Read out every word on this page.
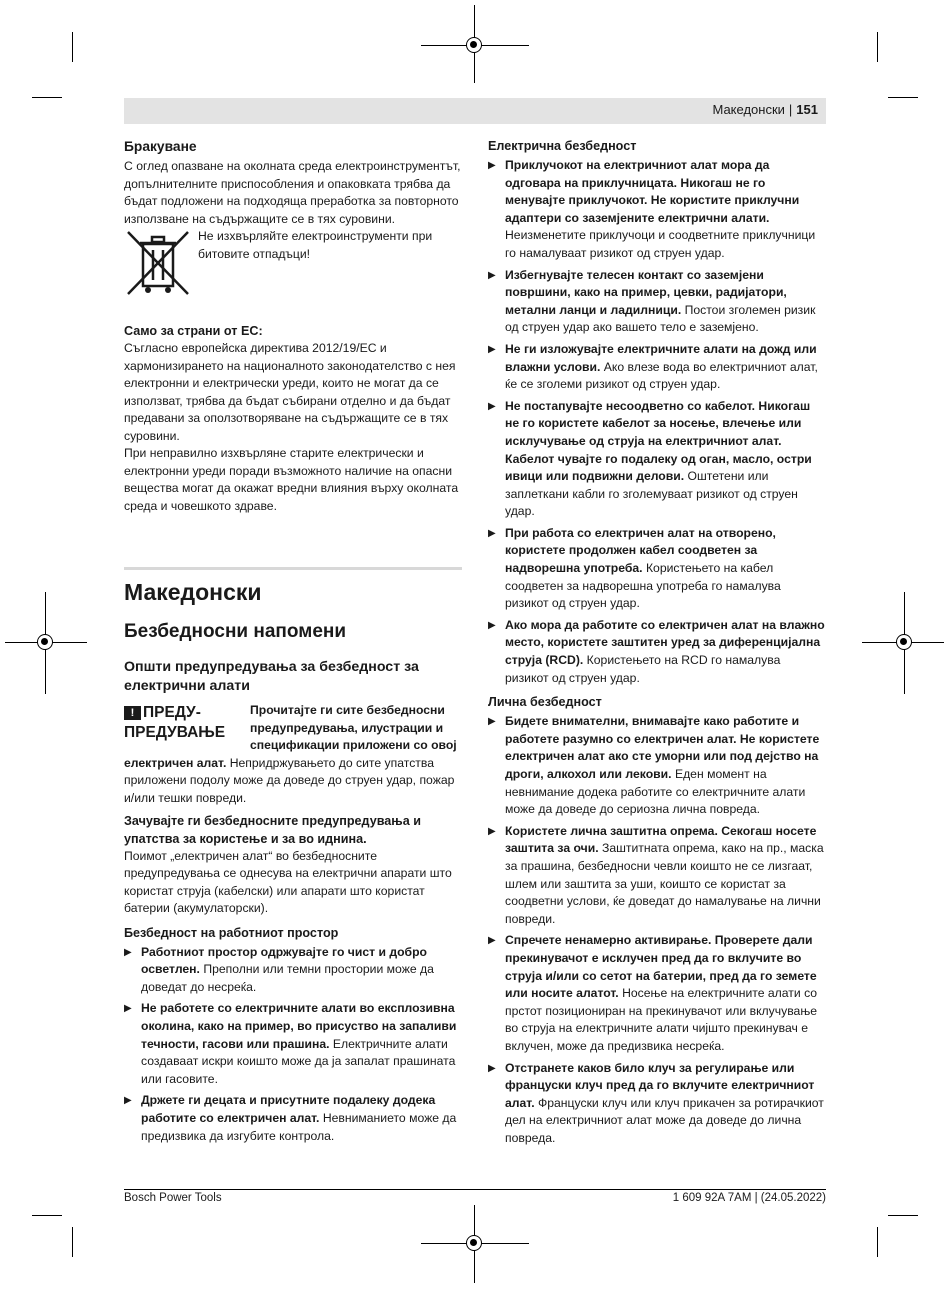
Македонски | 151
Бракуване

С оглед опазване на околната среда електроинструментът, допълнителните приспособления и опаковката трябва да бъдат подложени на подходяща преработка за повторното използване на съдържащите се в тях суровини.

Не изхвърляйте електроинструменти при битовите отпадъци!

Само за страни от ЕС:

Съгласно европейска директива 2012/19/ЕС и хармонизирането на националното законодателство с нея електронни и електрически уреди, които не могат да се използват, трябва да бъдат събирани отделно и да бъдат предавани за оползотворяване на съдържащите се в тях суровини.

При неправилно изхвърляне старите електрически и електронни уреди поради възможното наличие на опасни вещества могат да окажат вредни влияния върху околната среда и човешкото здраве.

Македонски
Безбедносни напомени
Општи предупредувања за безбедност за електрични алати
! ПРЕДУ-
ПРЕДУВАЊЕ

Прочитајте ги сите безбедносни предупредувања, илустрации и спецификации приложени со овој електричен алат. Непридржувањето до сите упатства приложени подолу може да доведе до струен удар, пожар и/или тешки повреди.

Зачувајте ги безбедносните предупредувања и упатства за користење и за во иднина.

Поимот „електричен алат“ во безбедносните предупредувања се однесува на електрични апарати што користат струја (кабелски) или апарати што користат батерии (акумулаторски).

Безбедност на работниот простор

▶ Работниот простор одржувајте го чист и добро осветлен. Преполни или темни простории може да доведат до несреќа.
▶ Не работете со електричните алати во експлозивна околина, како на пример, во присуство на запаливи течности, гасови или прашина. Електричните алати создаваат искри коишто може да ја запалат прашината или гасовите.
▶ Држете ги децата и присутните подалеку додека работите со електричен алат. Невниманието може да предизвика да изгубите контрола.

Електрична безбедност

▶ Приклучокот на електричниот алат мора да одговара на приклучницата. Никогаш не го менувајте приклучокот. Не користите приклучни адаптери со заземјените електрични алати. Неизменетите приклучоци и соодветните приклучници го намалуваат ризикот од струен удар.
▶ Избегнувајте телесен контакт со заземјени површини, како на пример, цевки, радијатори, метални ланци и ладилници. Постои зголемен ризик од струен удар ако вашето тело е заземјено.
▶ Не ги изложувајте електричните алати на дожд или влажни услови. Ако влезе вода во електричниот алат, ќе се зголеми ризикот од струен удар.
▶ Не постапувајте несоодветно со кабелот. Никогаш не го користете кабелот за носење, влечење или исклучување од струја на електричниот алат. Кабелот чувајте го подалеку од оган, масло, остри ивици или подвижни делови. Оштетени или заплеткани кабли го зголемуваат ризикот од струен удар.
▶ При работа со електричен алат на отворено, користете продолжен кабел соодветен за надворешна употреба. Користењето на кабел соодветен за надворешна употреба го намалува ризикот од струен удар.
▶ Ако мора да работите со електричен алат на влажно место, користете заштитен уред за диференцијална струја (RCD). Користењето на RCD го намалува ризикот од струен удар.

Лична безбедност

▶ Бидете внимателни, внимавајте како работите и работете разумно со електричен алат. Не користете електричен алат ако сте уморни или под дејство на дроги, алкохол или лекови. Еден момент на невнимание додека работите со електричните алати може да доведе до сериозна лична повреда.
▶ Користете лична заштитна опрема. Секогаш носете заштита за очи. Заштитната опрема, како на пр., маска за прашина, безбедносни чевли коишто не се лизгаат, шлем или заштита за уши, коишто се користат за соодветни услови, ќе доведат до намалување на лични повреди.
▶ Спречете ненамерно активирање. Проверете дали прекинувачот е исклучен пред да го вклучите во струја и/или со сетот на батерии, пред да го земете или носите алатот. Носење на електричните алати со прстот позициониран на прекинувачот или вклучување во струја на електричните алати чијшто прекинувач е вклучен, може да предизвика несреќа.
▶ Отстранете каков било клуч за регулирање или француски клуч пред да го вклучите електричниот алат. Француски клуч или клуч прикачен за ротирачкиот дел на електричниот алат може да доведе до лична повреда.
Bosch Power Tools	1 609 92A 7AM | (24.05.2022)
